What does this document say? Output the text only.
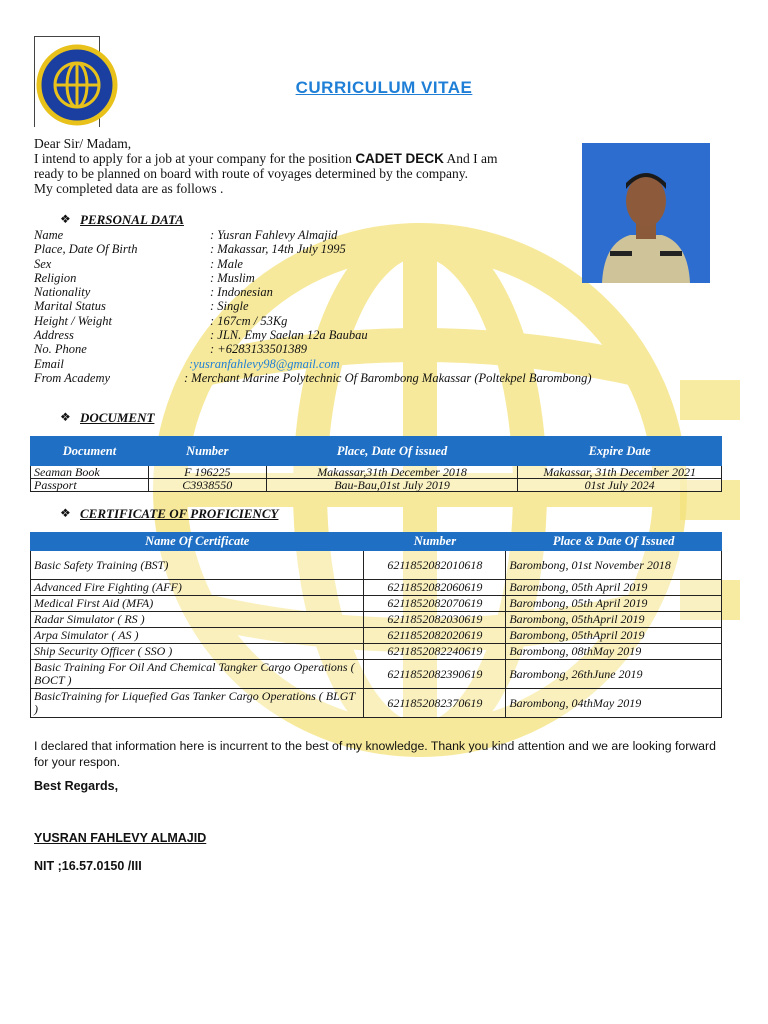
CURRICULUM VITAE
Dear Sir/ Madam,
I intend to apply for a job at your company for the position CADET DECK And I am
ready to be planned on board with route of voyages determined by the company.
My completed data are as follows .
❖ PERSONAL DATA
Name	: Yusran Fahlevy Almajid
Place, Date Of Birth	: Makassar, 14th July 1995
Sex	: Male
Religion	: Muslim
Nationality	: Indonesian
Marital Status	: Single
Height / Weight	: 167cm / 53Kg
Address	: JLN. Emy Saelan 12a Baubau
No. Phone	: +6283133501389
Email	: yusranfahlevy98@gmail.com
From Academy	: Merchant Marine Polytechnic Of Barombong Makassar (Poltekpel Barombong)
❖ DOCUMENT
Document	Number	Place, Date Of issued	Expire Date
Seaman Book	F 196225	Makassar,31th December 2018	Makassar, 31th December 2021
Passport	C3938550	Bau-Bau,01st July 2019	01st July 2024
❖ CERTIFICATE OF PROFICIENCY
Name Of Certificate	Number	Place & Date Of Issued
Basic Safety Training (BST)	6211852082010618	Barombong, 01st November 2018
Advanced Fire Fighting (AFF)	6211852082060619	Barombong, 05th April 2019
Medical First Aid (MFA)	6211852082070619	Barombong, 05th April 2019
Radar Simulator ( RS )	6211852082030619	Barombong, 05thApril 2019
Arpa Simulator ( AS )	6211852082020619	Barombong, 05thApril 2019
Ship Security Officer ( SSO )	6211852082240619	Barombong, 08thMay 2019
Basic Training For Oil And Chemical Tangker Cargo Operations ( BOCT )	6211852082390619	Barombong, 26thJune 2019
BasicTraining for Liquefied Gas Tanker Cargo Operations ( BLGT )	6211852082370619	Barombong, 04thMay 2019
I declared that information here is incurrent to the best of my knowledge. Thank you kind attention and we are looking forward for your respon.
Best Regards,
YUSRAN FAHLEVY ALMAJID
NIT ;16.57.0150 /III
